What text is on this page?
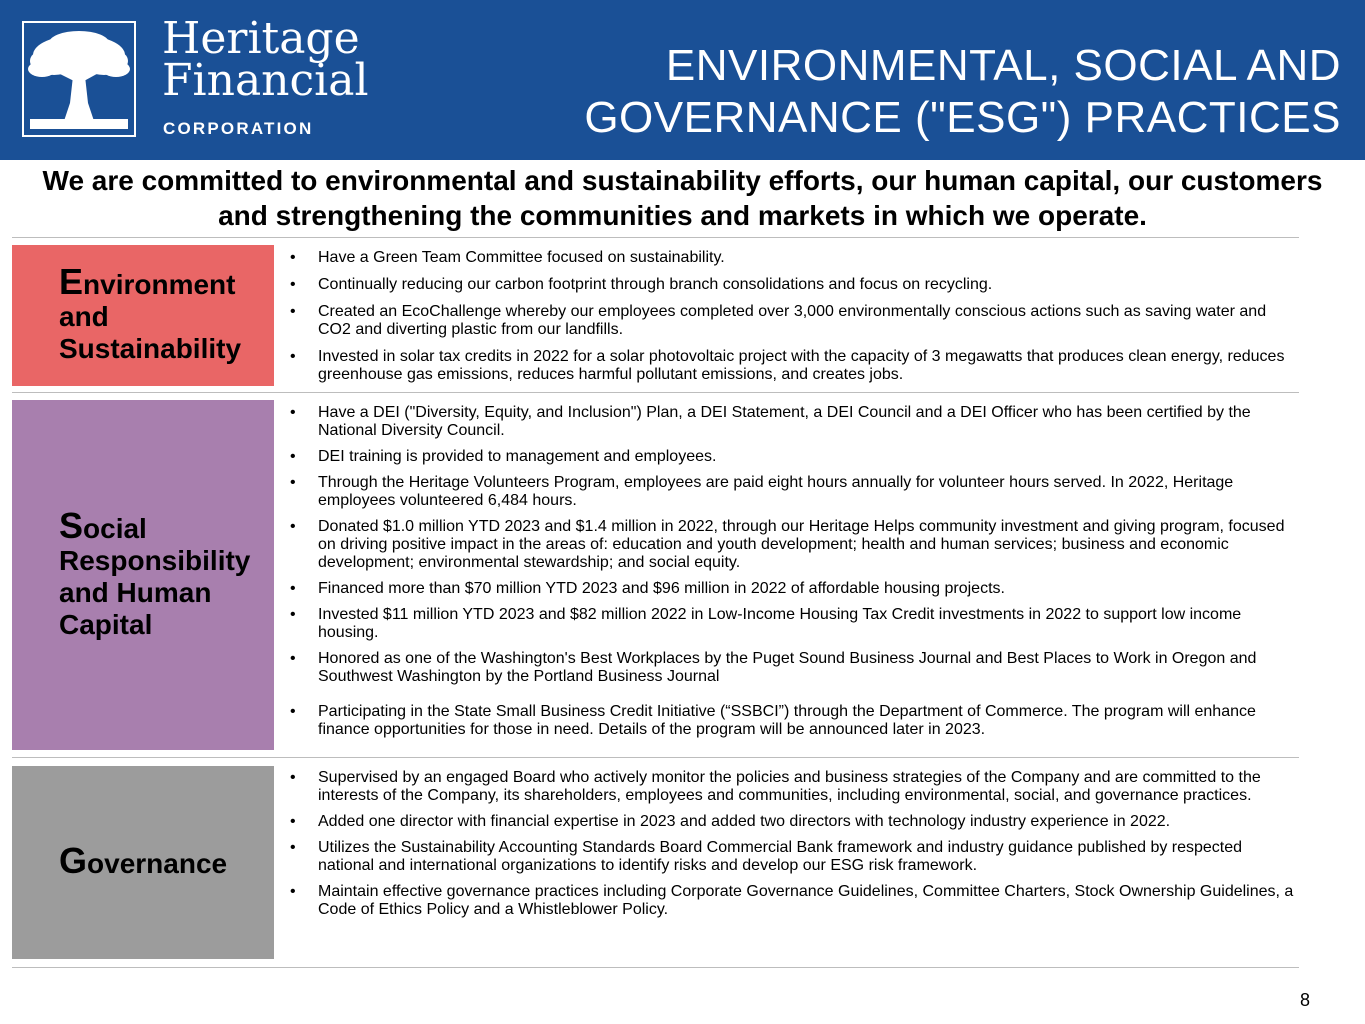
Heritage
Financial
CORPORATION
ENVIRONMENTAL, SOCIAL AND
GOVERNANCE ("ESG") PRACTICES
We are committed to environmental and sustainability efforts, our human capital, our customers and strengthening the communities and markets in which we operate.
Environment
and
Sustainability
• Have a Green Team Committee focused on sustainability.
• Continually reducing our carbon footprint through branch consolidations and focus on recycling.
• Created an EcoChallenge whereby our employees completed over 3,000 environmentally conscious actions such as saving water and CO2 and diverting plastic from our landfills.
• Invested in solar tax credits in 2022 for a solar photovoltaic project with the capacity of 3 megawatts that produces clean energy, reduces greenhouse gas emissions, reduces harmful pollutant emissions, and creates jobs.
Social
Responsibility
and Human
Capital
• Have a DEI ("Diversity, Equity, and Inclusion") Plan, a DEI Statement, a DEI Council and a DEI Officer who has been certified by the National Diversity Council.
• DEI training is provided to management and employees.
• Through the Heritage Volunteers Program, employees are paid eight hours annually for volunteer hours served. In 2022, Heritage employees volunteered 6,484 hours.
• Donated $1.0 million YTD 2023 and $1.4 million in 2022, through our Heritage Helps community investment and giving program, focused on driving positive impact in the areas of: education and youth development; health and human services; business and economic development; environmental stewardship; and social equity.
• Financed more than $70 million YTD 2023 and $96 million in 2022 of affordable housing projects.
• Invested $11 million YTD 2023 and $82 million 2022 in Low-Income Housing Tax Credit investments in 2022 to support low income housing.
• Honored as one of the Washington's Best Workplaces by the Puget Sound Business Journal and Best Places to Work in Oregon and Southwest Washington by the Portland Business Journal
• Participating in the State Small Business Credit Initiative (“SSBCI”) through the Department of Commerce. The program will enhance finance opportunities for those in need. Details of the program will be announced later in 2023.
Governance
• Supervised by an engaged Board who actively monitor the policies and business strategies of the Company and are committed to the interests of the Company, its shareholders, employees and communities, including environmental, social, and governance practices.
• Added one director with financial expertise in 2023 and added two directors with technology industry experience in 2022.
• Utilizes the Sustainability Accounting Standards Board Commercial Bank framework and industry guidance published by respected national and international organizations to identify risks and develop our ESG risk framework.
• Maintain effective governance practices including Corporate Governance Guidelines, Committee Charters, Stock Ownership Guidelines, a Code of Ethics Policy and a Whistleblower Policy.
8
